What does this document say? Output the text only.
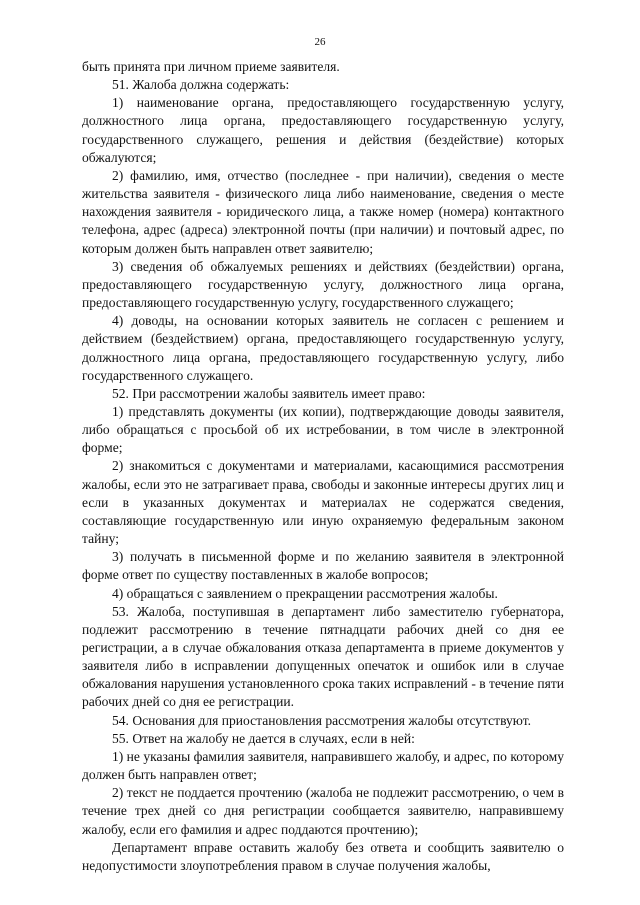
26

быть принята при личном приеме заявителя.

51. Жалоба должна содержать:

1) наименование органа, предоставляющего государственную услугу, должностного лица органа, предоставляющего государственную услугу, государственного служащего, решения и действия (бездействие) которых обжалуются;

2) фамилию, имя, отчество (последнее - при наличии), сведения о месте жительства заявителя - физического лица либо наименование, сведения о месте нахождения заявителя - юридического лица, а также номер (номера) контактного телефона, адрес (адреса) электронной почты (при наличии) и почтовый адрес, по которым должен быть направлен ответ заявителю;

3) сведения об обжалуемых решениях и действиях (бездействии) органа, предоставляющего государственную услугу, должностного лица органа, предоставляющего государственную услугу, государственного служащего;

4) доводы, на основании которых заявитель не согласен с решением и действием (бездействием) органа, предоставляющего государственную услугу, должностного лица органа, предоставляющего государственную услугу, либо государственного служащего.

52. При рассмотрении жалобы заявитель имеет право:

1) представлять документы (их копии), подтверждающие доводы заявителя, либо обращаться с просьбой об их истребовании, в том числе в электронной форме;

2) знакомиться с документами и материалами, касающимися рассмотрения жалобы, если это не затрагивает права, свободы и законные интересы других лиц и если в указанных документах и материалах не содержатся сведения, составляющие государственную или иную охраняемую федеральным законом тайну;

3) получать в письменной форме и по желанию заявителя в электронной форме ответ по существу поставленных в жалобе вопросов;

4) обращаться с заявлением о прекращении рассмотрения жалобы.

53. Жалоба, поступившая в департамент либо заместителю губернатора, подлежит рассмотрению в течение пятнадцати рабочих дней со дня ее регистрации, а в случае обжалования отказа департамента в приеме документов у заявителя либо в исправлении допущенных опечаток и ошибок или в случае обжалования нарушения установленного срока таких исправлений - в течение пяти рабочих дней со дня ее регистрации.

54. Основания для приостановления рассмотрения жалобы отсутствуют.

55. Ответ на жалобу не дается в случаях, если в ней:

1) не указаны фамилия заявителя, направившего жалобу, и адрес, по которому должен быть направлен ответ;

2) текст не поддается прочтению (жалоба не подлежит рассмотрению, о чем в течение трех дней со дня регистрации сообщается заявителю, направившему жалобу, если его фамилия и адрес поддаются прочтению);

Департамент вправе оставить жалобу без ответа и сообщить заявителю о недопустимости злоупотребления правом в случае получения жалобы,
